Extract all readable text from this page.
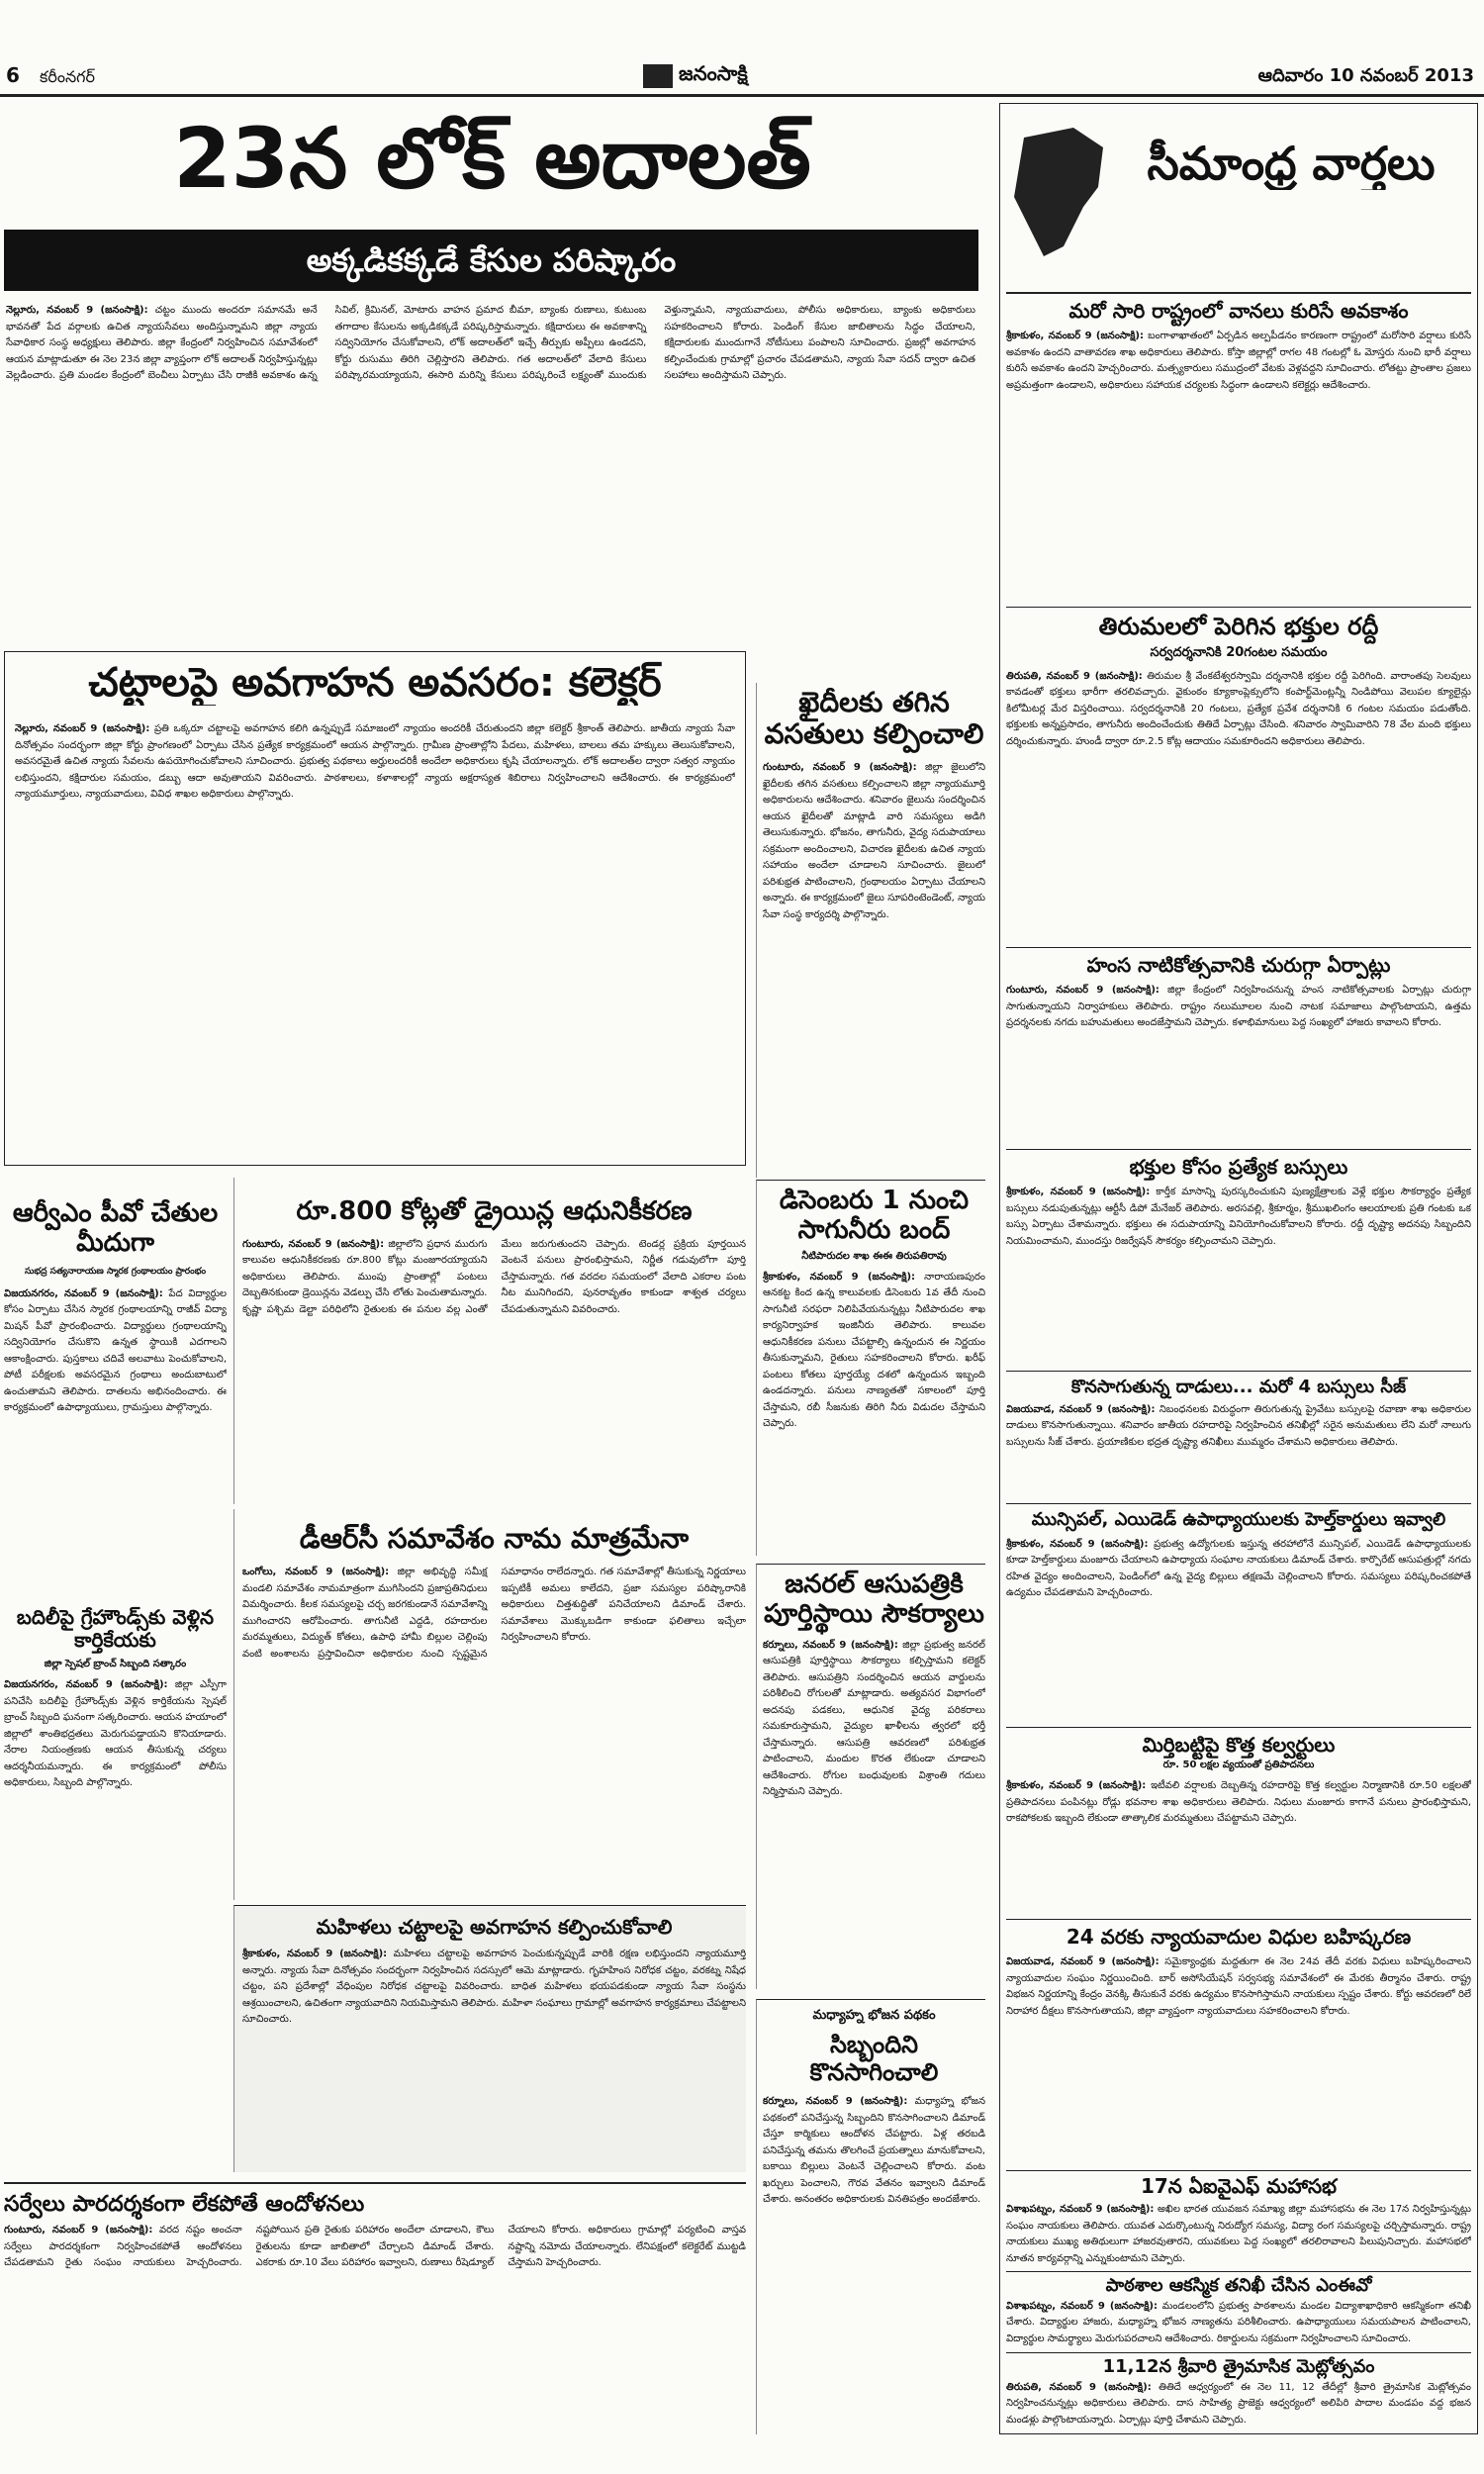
6	కరీంనగర్	జనంసాక్షి	ఆదివారం 10 నవంబర్ 2013
23న లోక్ అదాలత్
అక్కడికక్కడే కేసుల పరిష్కారం
నెల్లూరు, నవంబర్ 9 (జనంసాక్షి): చట్టం ముందు అందరూ సమానమే అనే భావనతో పేద వర్గాలకు ఉచిత న్యాయసేవలు అందిస్తున్నామని జిల్లా న్యాయ సేవాధికార సంస్థ అధ్యక్షులు తెలిపారు. జిల్లా కేంద్రంలో నిర్వహించిన సమావేశంలో ఆయన మాట్లాడుతూ ఈ నెల 23న జిల్లా వ్యాప్తంగా లోక్ అదాలత్ నిర్వహిస్తున్నట్లు వెల్లడించారు. ప్రతి మండల కేంద్రంలో బెంచీలు ఏర్పాటు చేసి రాజీకి అవకాశం ఉన్న సివిల్, క్రిమినల్, మోటారు వాహన ప్రమాద బీమా, బ్యాంకు రుణాలు, కుటుంబ తగాదాల కేసులను అక్కడికక్కడే పరిష్కరిస్తామన్నారు. కక్షిదారులు ఈ అవకాశాన్ని సద్వినియోగం చేసుకోవాలని, లోక్ అదాలత్‌లో ఇచ్చే తీర్పుకు అప్పీలు ఉండదని, కోర్టు రుసుము తిరిగి చెల్లిస్తారని తెలిపారు. గత అదాలత్‌లో వేలాది కేసులు పరిష్కారమయ్యాయని, ఈసారి మరిన్ని కేసులు పరిష్కరించే లక్ష్యంతో ముందుకు వెళ్తున్నామని, న్యాయవాదులు, పోలీసు అధికారులు, బ్యాంకు అధికారులు సహకరించాలని కోరారు. పెండింగ్ కేసుల జాబితాలను సిద్ధం చేయాలని, కక్షిదారులకు ముందుగానే నోటీసులు పంపాలని సూచించారు. ప్రజల్లో అవగాహన కల్పించేందుకు గ్రామాల్లో ప్రచారం చేపడతామని, న్యాయ సేవా సదన్ ద్వారా ఉచిత సలహాలు అందిస్తామని చెప్పారు.
చట్టాలపై అవగాహన అవసరం: కలెక్టర్
నెల్లూరు, నవంబర్ 9 (జనంసాక్షి): ప్రతి ఒక్కరూ చట్టాలపై అవగాహన కలిగి ఉన్నప్పుడే సమాజంలో న్యాయం అందరికీ చేరుతుందని జిల్లా కలెక్టర్ శ్రీకాంత్ తెలిపారు. జాతీయ న్యాయ సేవా దినోత్సవం సందర్భంగా జిల్లా కోర్టు ప్రాంగణంలో ఏర్పాటు చేసిన ప్రత్యేక కార్యక్రమంలో ఆయన పాల్గొన్నారు. గ్రామీణ ప్రాంతాల్లోని పేదలు, మహిళలు, బాలలు తమ హక్కులు తెలుసుకోవాలని, అవసరమైతే ఉచిత న్యాయ సేవలను ఉపయోగించుకోవాలని సూచించారు. ప్రభుత్వ పథకాలు అర్హులందరికీ అందేలా అధికారులు కృషి చేయాలన్నారు. లోక్ అదాలత్‌ల ద్వారా సత్వర న్యాయం లభిస్తుందని, కక్షిదారుల సమయం, డబ్బు ఆదా అవుతాయని వివరించారు. పాఠశాలలు, కళాశాలల్లో న్యాయ అక్షరాస్యత శిబిరాలు నిర్వహించాలని ఆదేశించారు. ఈ కార్యక్రమంలో న్యాయమూర్తులు, న్యాయవాదులు, వివిధ శాఖల అధికారులు పాల్గొన్నారు.
ఖైదీలకు తగిన వసతులు కల్పించాలి
గుంటూరు, నవంబర్ 9 (జనంసాక్షి): జిల్లా జైలులోని ఖైదీలకు తగిన వసతులు కల్పించాలని జిల్లా న్యాయమూర్తి అధికారులను ఆదేశించారు. శనివారం జైలును సందర్శించిన ఆయన ఖైదీలతో మాట్లాడి వారి సమస్యలు అడిగి తెలుసుకున్నారు. భోజనం, తాగునీరు, వైద్య సదుపాయాలు సక్రమంగా అందించాలని, విచారణ ఖైదీలకు ఉచిత న్యాయ సహాయం అందేలా చూడాలని సూచించారు. జైలులో పరిశుభ్రత పాటించాలని, గ్రంథాలయం ఏర్పాటు చేయాలని అన్నారు. ఈ కార్యక్రమంలో జైలు సూపరింటెండెంట్, న్యాయ సేవా సంస్థ కార్యదర్శి పాల్గొన్నారు.
డిసెంబరు 1 నుంచి సాగునీరు బంద్
నీటిపారుదల శాఖ ఈఈ తిరుపతిరావు
శ్రీకాకుళం, నవంబర్ 9 (జనంసాక్షి): నారాయణపురం ఆనకట్ట కింద ఉన్న కాలువలకు డిసెంబరు 1వ తేదీ నుంచి సాగునీటి సరఫరా నిలిపివేయనున్నట్లు నీటిపారుదల శాఖ కార్యనిర్వాహక ఇంజినీరు తెలిపారు. కాలువల ఆధునికీకరణ పనులు చేపట్టాల్సి ఉన్నందున ఈ నిర్ణయం తీసుకున్నామని, రైతులు సహకరించాలని కోరారు. ఖరీఫ్ పంటలు కోతలు పూర్తయ్యే దశలో ఉన్నందున ఇబ్బంది ఉండదన్నారు. పనులు నాణ్యతతో సకాలంలో పూర్తి చేస్తామని, రబీ సీజనుకు తిరిగి నీరు విడుదల చేస్తామని చెప్పారు.
జనరల్ ఆసుపత్రికి పూర్తిస్థాయి సౌకర్యాలు
కర్నూలు, నవంబర్ 9 (జనంసాక్షి): జిల్లా ప్రభుత్వ జనరల్ ఆసుపత్రికి పూర్తిస్థాయి సౌకర్యాలు కల్పిస్తామని కలెక్టర్ తెలిపారు. ఆసుపత్రిని సందర్శించిన ఆయన వార్డులను పరిశీలించి రోగులతో మాట్లాడారు. అత్యవసర విభాగంలో అదనపు పడకలు, ఆధునిక వైద్య పరికరాలు సమకూరుస్తామని, వైద్యుల ఖాళీలను త్వరలో భర్తీ చేస్తామన్నారు. ఆసుపత్రి ఆవరణలో పరిశుభ్రత పాటించాలని, మందుల కొరత లేకుండా చూడాలని ఆదేశించారు. రోగుల బంధువులకు విశ్రాంతి గదులు నిర్మిస్తామని చెప్పారు.
మధ్యాహ్న భోజన పథకం
సిబ్బందిని కొనసాగించాలి
కర్నూలు, నవంబర్ 9 (జనంసాక్షి): మధ్యాహ్న భోజన పథకంలో పనిచేస్తున్న సిబ్బందిని కొనసాగించాలని డిమాండ్ చేస్తూ కార్మికులు ఆందోళన చేపట్టారు. ఏళ్ల తరబడి పనిచేస్తున్న తమను తొలగించే ప్రయత్నాలు మానుకోవాలని, బకాయి బిల్లులు వెంటనే చెల్లించాలని కోరారు. వంట ఖర్చులు పెంచాలని, గౌరవ వేతనం ఇవ్వాలని డిమాండ్ చేశారు. అనంతరం అధికారులకు వినతిపత్రం అందజేశారు.
ఆర్వీఎం పీవో చేతుల మీదుగా
సుభద్ర సత్యనారాయణ స్మారక గ్రంథాలయం ప్రారంభం
విజయనగరం, నవంబర్ 9 (జనంసాక్షి): పేద విద్యార్థుల కోసం ఏర్పాటు చేసిన స్మారక గ్రంథాలయాన్ని రాజీవ్ విద్యా మిషన్ పీవో ప్రారంభించారు. విద్యార్థులు గ్రంథాలయాన్ని సద్వినియోగం చేసుకొని ఉన్నత స్థాయికి ఎదగాలని ఆకాంక్షించారు. పుస్తకాలు చదివే అలవాటు పెంచుకోవాలని, పోటీ పరీక్షలకు అవసరమైన గ్రంథాలు అందుబాటులో ఉంచుతామని తెలిపారు. దాతలను అభినందించారు. ఈ కార్యక్రమంలో ఉపాధ్యాయులు, గ్రామస్తులు పాల్గొన్నారు.
బదిలీపై గ్రేహౌండ్స్‌కు వెళ్లిన కార్తికేయకు
జిల్లా స్పెషల్ బ్రాంచ్ సిబ్బంది సత్కారం
విజయనగరం, నవంబర్ 9 (జనంసాక్షి): జిల్లా ఎస్పీగా పనిచేసి బదిలీపై గ్రేహౌండ్స్‌కు వెళ్లిన కార్తికేయను స్పెషల్ బ్రాంచ్ సిబ్బంది ఘనంగా సత్కరించారు. ఆయన హయాంలో జిల్లాలో శాంతిభద్రతలు మెరుగుపడ్డాయని కొనియాడారు. నేరాల నియంత్రణకు ఆయన తీసుకున్న చర్యలు ఆదర్శనీయమన్నారు. ఈ కార్యక్రమంలో పోలీసు అధికారులు, సిబ్బంది పాల్గొన్నారు.
రూ.800 కోట్లతో డ్రైయిన్ల ఆధునికీకరణ
గుంటూరు, నవంబర్ 9 (జనంసాక్షి): జిల్లాలోని ప్రధాన మురుగు కాలువల ఆధునికీకరణకు రూ.800 కోట్లు మంజూరయ్యాయని అధికారులు తెలిపారు. ముంపు ప్రాంతాల్లో పంటలు దెబ్బతినకుండా డ్రెయిన్లను వెడల్పు చేసి లోతు పెంచుతామన్నారు. కృష్ణా పశ్చిమ డెల్టా పరిధిలోని రైతులకు ఈ పనుల వల్ల ఎంతో మేలు జరుగుతుందని చెప్పారు. టెండర్ల ప్రక్రియ పూర్తయిన వెంటనే పనులు ప్రారంభిస్తామని, నిర్ణీత గడువులోగా పూర్తి చేస్తామన్నారు. గత వరదల సమయంలో వేలాది ఎకరాల పంట నీట మునిగిందని, పునరావృతం కాకుండా శాశ్వత చర్యలు చేపడుతున్నామని వివరించారు.
డీఆర్‌సీ సమావేశం నామ మాత్రమేనా
ఒంగోలు, నవంబర్ 9 (జనంసాక్షి): జిల్లా అభివృద్ధి సమీక్ష మండలి సమావేశం నామమాత్రంగా ముగిసిందని ప్రజాప్రతినిధులు విమర్శించారు. కీలక సమస్యలపై చర్చ జరగకుండానే సమావేశాన్ని ముగించారని ఆరోపించారు. తాగునీటి ఎద్దడి, రహదారుల మరమ్మతులు, విద్యుత్ కోతలు, ఉపాధి హామీ బిల్లుల చెల్లింపు వంటి అంశాలను ప్రస్తావించినా అధికారుల నుంచి స్పష్టమైన సమాధానం రాలేదన్నారు. గత సమావేశాల్లో తీసుకున్న నిర్ణయాలు ఇప్పటికీ అమలు కాలేదని, ప్రజా సమస్యల పరిష్కారానికి అధికారులు చిత్తశుద్ధితో పనిచేయాలని డిమాండ్ చేశారు. సమావేశాలు మొక్కుబడిగా కాకుండా ఫలితాలు ఇచ్చేలా నిర్వహించాలని కోరారు.
మహిళలు చట్టాలపై అవగాహన కల్పించుకోవాలి
శ్రీకాకుళం, నవంబర్ 9 (జనంసాక్షి): మహిళలు చట్టాలపై అవగాహన పెంచుకున్నప్పుడే వారికి రక్షణ లభిస్తుందని న్యాయమూర్తి అన్నారు. న్యాయ సేవా దినోత్సవం సందర్భంగా నిర్వహించిన సదస్సులో ఆమె మాట్లాడారు. గృహహింస నిరోధక చట్టం, వరకట్న నిషేధ చట్టం, పని ప్రదేశాల్లో వేధింపుల నిరోధక చట్టాలపై వివరించారు. బాధిత మహిళలు భయపడకుండా న్యాయ సేవా సంస్థను ఆశ్రయించాలని, ఉచితంగా న్యాయవాదిని నియమిస్తామని తెలిపారు. మహిళా సంఘాలు గ్రామాల్లో అవగాహన కార్యక్రమాలు చేపట్టాలని సూచించారు.
సర్వేలు పారదర్శకంగా లేకపోతే ఆందోళనలు
గుంటూరు, నవంబర్ 9 (జనంసాక్షి): వరద నష్టం అంచనా సర్వేలు పారదర్శకంగా నిర్వహించకపోతే ఆందోళనలు చేపడతామని రైతు సంఘం నాయకులు హెచ్చరించారు. నష్టపోయిన ప్రతి రైతుకు పరిహారం అందేలా చూడాలని, కౌలు రైతులను కూడా జాబితాలో చేర్చాలని డిమాండ్ చేశారు. ఎకరాకు రూ.10 వేలు పరిహారం ఇవ్వాలని, రుణాలు రీషెడ్యూల్ చేయాలని కోరారు. అధికారులు గ్రామాల్లో పర్యటించి వాస్తవ నష్టాన్ని నమోదు చేయాలన్నారు. లేనిపక్షంలో కలెక్టరేట్ ముట్టడి చేస్తామని హెచ్చరించారు.
సీమాంధ్ర వార్తలు
మరో సారి రాష్ట్రంలో వానలు కురిసే అవకాశం
శ్రీకాకుళం, నవంబర్ 9 (జనంసాక్షి): బంగాళాఖాతంలో ఏర్పడిన అల్పపీడనం కారణంగా రాష్ట్రంలో మరోసారి వర్షాలు కురిసే అవకాశం ఉందని వాతావరణ శాఖ అధికారులు తెలిపారు. కోస్తా జిల్లాల్లో రాగల 48 గంటల్లో ఓ మోస్తరు నుంచి భారీ వర్షాలు కురిసే అవకాశం ఉందని హెచ్చరించారు. మత్స్యకారులు సముద్రంలో వేటకు వెళ్లవద్దని సూచించారు. లోతట్టు ప్రాంతాల ప్రజలు అప్రమత్తంగా ఉండాలని, అధికారులు సహాయక చర్యలకు సిద్ధంగా ఉండాలని కలెక్టర్లు ఆదేశించారు.
తిరుమలలో పెరిగిన భక్తుల రద్దీ
సర్వదర్శనానికి 20గంటల సమయం
తిరుపతి, నవంబర్ 9 (జనంసాక్షి): తిరుమల శ్రీ వేంకటేశ్వరస్వామి దర్శనానికి భక్తుల రద్దీ పెరిగింది. వారాంతపు సెలవులు కావడంతో భక్తులు భారీగా తరలివచ్చారు. వైకుంఠం క్యూకాంప్లెక్సులోని కంపార్ట్‌మెంట్లన్నీ నిండిపోయి వెలుపల క్యూలైన్లు కిలోమీటర్ల మేర విస్తరించాయి. సర్వదర్శనానికి 20 గంటలు, ప్రత్యేక ప్రవేశ దర్శనానికి 6 గంటల సమయం పడుతోంది. భక్తులకు అన్నప్రసాదం, తాగునీరు అందించేందుకు తితిదే ఏర్పాట్లు చేసింది. శనివారం స్వామివారిని 78 వేల మంది భక్తులు దర్శించుకున్నారు. హుండీ ద్వారా రూ.2.5 కోట్ల ఆదాయం సమకూరిందని అధికారులు తెలిపారు.
హంస నాటికోత్సవానికి చురుగ్గా ఏర్పాట్లు
గుంటూరు, నవంబర్ 9 (జనంసాక్షి): జిల్లా కేంద్రంలో నిర్వహించనున్న హంస నాటికోత్సవాలకు ఏర్పాట్లు చురుగ్గా సాగుతున్నాయని నిర్వాహకులు తెలిపారు. రాష్ట్రం నలుమూలల నుంచి నాటక సమాజాలు పాల్గొంటాయని, ఉత్తమ ప్రదర్శనలకు నగదు బహుమతులు అందజేస్తామని చెప్పారు. కళాభిమానులు పెద్ద సంఖ్యలో హాజరు కావాలని కోరారు.
భక్తుల కోసం ప్రత్యేక బస్సులు
శ్రీకాకుళం, నవంబర్ 9 (జనంసాక్షి): కార్తీక మాసాన్ని పురస్కరించుకుని పుణ్యక్షేత్రాలకు వెళ్లే భక్తుల సౌకర్యార్థం ప్రత్యేక బస్సులు నడుపుతున్నట్లు ఆర్టీసీ డిపో మేనేజర్ తెలిపారు. అరసవల్లి, శ్రీకూర్మం, శ్రీముఖలింగం ఆలయాలకు ప్రతి గంటకు ఒక బస్సు ఏర్పాటు చేశామన్నారు. భక్తులు ఈ సదుపాయాన్ని వినియోగించుకోవాలని కోరారు. రద్దీ దృష్ట్యా అదనపు సిబ్బందిని నియమించామని, ముందస్తు రిజర్వేషన్ సౌకర్యం కల్పించామని చెప్పారు.
కొనసాగుతున్న దాడులు... మరో 4 బస్సులు సీజ్
విజయవాడ, నవంబర్ 9 (జనంసాక్షి): నిబంధనలకు విరుద్ధంగా తిరుగుతున్న ప్రైవేటు బస్సులపై రవాణా శాఖ అధికారుల దాడులు కొనసాగుతున్నాయి. శనివారం జాతీయ రహదారిపై నిర్వహించిన తనిఖీల్లో సరైన అనుమతులు లేని మరో నాలుగు బస్సులను సీజ్ చేశారు. ప్రయాణికుల భద్రత దృష్ట్యా తనిఖీలు ముమ్మరం చేశామని అధికారులు తెలిపారు.
మున్సిపల్, ఎయిడెడ్ ఉపాధ్యాయులకు హెల్త్‌కార్డులు ఇవ్వాలి
శ్రీకాకుళం, నవంబర్ 9 (జనంసాక్షి): ప్రభుత్వ ఉద్యోగులకు ఇస్తున్న తరహాలోనే మున్సిపల్, ఎయిడెడ్ ఉపాధ్యాయులకు కూడా హెల్త్‌కార్డులు మంజూరు చేయాలని ఉపాధ్యాయ సంఘాల నాయకులు డిమాండ్ చేశారు. కార్పొరేట్ ఆసుపత్రుల్లో నగదు రహిత వైద్యం అందించాలని, పెండింగ్‌లో ఉన్న వైద్య బిల్లులు తక్షణమే చెల్లించాలని కోరారు. సమస్యలు పరిష్కరించకపోతే ఉద్యమం చేపడతామని హెచ్చరించారు.
మిర్తిబట్టిపై కొత్త కల్వర్టులు
రూ. 50 లక్షల వ్యయంతో ప్రతిపాదనలు
శ్రీకాకుళం, నవంబర్ 9 (జనంసాక్షి): ఇటీవలి వర్షాలకు దెబ్బతిన్న రహదారిపై కొత్త కల్వర్టుల నిర్మాణానికి రూ.50 లక్షలతో ప్రతిపాదనలు పంపినట్లు రోడ్లు భవనాల శాఖ అధికారులు తెలిపారు. నిధులు మంజూరు కాగానే పనులు ప్రారంభిస్తామని, రాకపోకలకు ఇబ్బంది లేకుండా తాత్కాలిక మరమ్మతులు చేపట్టామని చెప్పారు.
24 వరకు న్యాయవాదుల విధుల బహిష్కరణ
విజయవాడ, నవంబర్ 9 (జనంసాక్షి): సమైక్యాంధ్రకు మద్దతుగా ఈ నెల 24వ తేదీ వరకు విధులు బహిష్కరించాలని న్యాయవాదుల సంఘం నిర్ణయించింది. బార్ అసోసియేషన్ సర్వసభ్య సమావేశంలో ఈ మేరకు తీర్మానం చేశారు. రాష్ట్ర విభజన నిర్ణయాన్ని కేంద్రం వెనక్కి తీసుకునే వరకు ఉద్యమం కొనసాగిస్తామని నాయకులు స్పష్టం చేశారు. కోర్టు ఆవరణలో రిలే నిరాహార దీక్షలు కొనసాగుతాయని, జిల్లా వ్యాప్తంగా న్యాయవాదులు సహకరించాలని కోరారు.
17న ఏఐవైఎఫ్ మహాసభ
విశాఖపట్నం, నవంబర్ 9 (జనంసాక్షి): అఖిల భారత యువజన సమాఖ్య జిల్లా మహాసభను ఈ నెల 17న నిర్వహిస్తున్నట్లు సంఘం నాయకులు తెలిపారు. యువత ఎదుర్కొంటున్న నిరుద్యోగ సమస్య, విద్యా రంగ సమస్యలపై చర్చిస్తామన్నారు. రాష్ట్ర నాయకులు ముఖ్య అతిథులుగా హాజరవుతారని, యువకులు పెద్ద సంఖ్యలో తరలిరావాలని పిలుపునిచ్చారు. మహాసభలో నూతన కార్యవర్గాన్ని ఎన్నుకుంటామని చెప్పారు.
పాఠశాల ఆకస్మిక తనిఖీ చేసిన ఎంఈవో
విశాఖపట్నం, నవంబర్ 9 (జనంసాక్షి): మండలంలోని ప్రభుత్వ పాఠశాలను మండల విద్యాశాఖాధికారి ఆకస్మికంగా తనిఖీ చేశారు. విద్యార్థుల హాజరు, మధ్యాహ్న భోజన నాణ్యతను పరిశీలించారు. ఉపాధ్యాయులు సమయపాలన పాటించాలని, విద్యార్థుల సామర్థ్యాలు మెరుగుపరచాలని ఆదేశించారు. రికార్డులను సక్రమంగా నిర్వహించాలని సూచించారు.
11,12న శ్రీవారి త్రైమాసిక మెట్లోత్సవం
తిరుపతి, నవంబర్ 9 (జనంసాక్షి): తితిదే ఆధ్వర్యంలో ఈ నెల 11, 12 తేదీల్లో శ్రీవారి త్రైమాసిక మెట్లోత్సవం నిర్వహించనున్నట్లు అధికారులు తెలిపారు. దాస సాహిత్య ప్రాజెక్టు ఆధ్వర్యంలో అలిపిరి పాదాల మండపం వద్ద భజన మండళ్లు పాల్గొంటాయన్నారు. ఏర్పాట్లు పూర్తి చేశామని చెప్పారు.
